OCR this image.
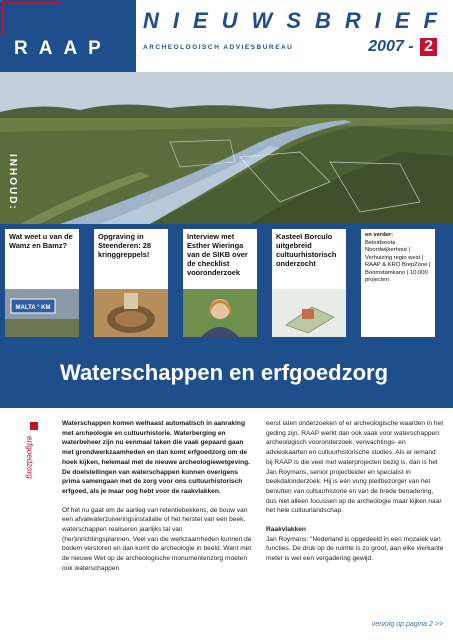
RAAP
NIEUWSBRIEF
ARCHEOLOGISCH ADVIESBUREAU	2007 - 2
INHOUD:
Wat weet u van de Wamz en Bamz?
MALTA ° KM
Opgraving in Steenderen: 28 kringgreppels!
Interview met Esther Wieringa van de SIKB over de checklist vooronderzoek
Kasteel Borculo uitgebreid cultuurhistorisch onderzocht
en verder:
Beleidsnota Noordwijkerhout | Verhuizing regio west | RAAP & KRO BrepZone | Boomstamkano | 10.000 projecten
Waterschappen en erfgoedzorg
erfgoedzorg

Waterschappen komen welhaast automatisch in aanraking met archeologie en cultuurhistorie. Waterberging en waterbeheer zijn nu eenmaal taken die vaak gepaard gaan met grondwerkzaamheden en dan komt erfgoedzorg om de hoek kijken, helemaal met de nieuwe archeologiewetgeving. De doelstellingen van waterschappen kunnen overigens prima samengaan met de zorg voor ons cultuurhistorisch erfgoed, als je maar oog hebt voor de raakvlakken.

Of het nu gaat om de aanleg van retentiebekkens, de bouw van een afvalwaterzuiveringsinstallatie of het herstel van een beek, waterschappen realiseren jaarlijks tal van (her)inrichtingsplannen. Veel van die werkzaamheden kunnen de bodem verstoren en dan komt de archeologie in beeld. Want met de nieuwe Wet op de archeologische monumentenzorg moeten ook waterschappen

eerst laten onderzoeken of er archeologische waarden in het geding zijn. RAAP werkt dan ook vaak voor waterschappen: archeologisch vooronderzoek, verwachtings- en advieskaarten en cultuurhistorische studies. Als er iemand bij RAAP is die veel met waterprojecten bezig is, dan is het Jan Roymans, senior projectleider en specialist in beekdalonderzoek. Hij is een vurig pleitbezorger van het benutten van cultuurhistorie en van de brede benadering, dus niet alleen focussen op de archeologie maar kijken naar het hele cultuurlandschap.

Raakvlakken

Jan Roymans: "Nederland is opgedeeld in een mozaiek van functies. De druk op de ruimte is zo groot, aan elke vierkante meter is wel een vergadering gewijd.

vervolg op pagina 2 >>
